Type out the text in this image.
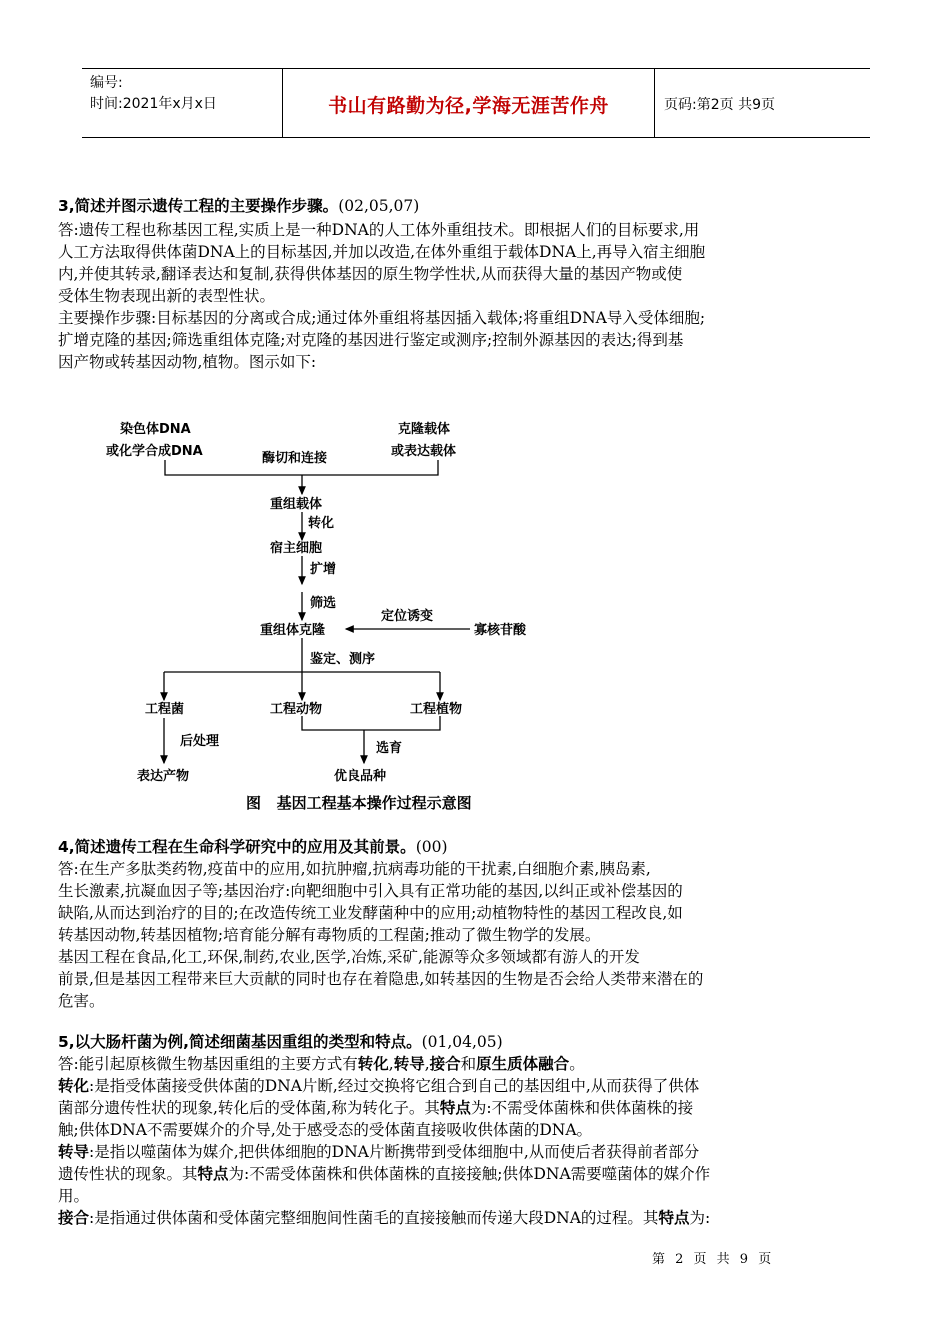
编号:
时间:2021年x月x日	书山有路勤为径,学海无涯苦作舟	页码:第2页 共9页
3,简述并图示遗传工程的主要操作步骤。(02,05,07)
答:遗传工程也称基因工程,实质上是一种DNA的人工体外重组技术。即根据人们的目标要求,用
人工方法取得供体菌DNA上的目标基因,并加以改造,在体外重组于载体DNA上,再导入宿主细胞
内,并使其转录,翻译表达和复制,获得供体基因的原生物学性状,从而获得大量的基因产物或使
受体生物表现出新的表型性状。
主要操作步骤:目标基因的分离或合成;通过体外重组将基因插入载体;将重组DNA导入受体细胞;
扩增克隆的基因;筛选重组体克隆;对克隆的基因进行鉴定或测序;控制外源基因的表达;得到基
因产物或转基因动物,植物。图示如下:
染色体DNA
或化学合成DNA
克隆载体
或表达载体
酶切和连接
重组载体
转化
宿主细胞
扩增
筛选
定位诱变
寡核苷酸
重组体克隆
鉴定、测序
工程菌	工程动物	工程植物
后处理
表达产物
选育
优良品种
图   基因工程基本操作过程示意图
4,简述遗传工程在生命科学研究中的应用及其前景。(00)
答:在生产多肽类药物,疫苗中的应用,如抗肿瘤,抗病毒功能的干扰素,白细胞介素,胰岛素,
生长激素,抗凝血因子等;基因治疗:向靶细胞中引入具有正常功能的基因,以纠正或补偿基因的
缺陷,从而达到治疗的目的;在改造传统工业发酵菌种中的应用;动植物特性的基因工程改良,如
转基因动物,转基因植物;培育能分解有毒物质的工程菌;推动了微生物学的发展。
基因工程在食品,化工,环保,制药,农业,医学,冶炼,采矿,能源等众多领域都有游人的开发
前景,但是基因工程带来巨大贡献的同时也存在着隐患,如转基因的生物是否会给人类带来潜在的
危害。
5,以大肠杆菌为例,简述细菌基因重组的类型和特点。(01,04,05)
答:能引起原核微生物基因重组的主要方式有转化,转导,接合和原生质体融合。
转化:是指受体菌接受供体菌的DNA片断,经过交换将它组合到自己的基因组中,从而获得了供体
菌部分遗传性状的现象,转化后的受体菌,称为转化子。其特点为:不需受体菌株和供体菌株的接
触;供体DNA不需要媒介的介导,处于感受态的受体菌直接吸收供体菌的DNA。
转导:是指以噬菌体为媒介,把供体细胞的DNA片断携带到受体细胞中,从而使后者获得前者部分
遗传性状的现象。其特点为:不需受体菌株和供体菌株的直接接触;供体DNA需要噬菌体的媒介作
用。
接合:是指通过供体菌和受体菌完整细胞间性菌毛的直接接触而传递大段DNA的过程。其特点为:
第 2 页 共 9 页
